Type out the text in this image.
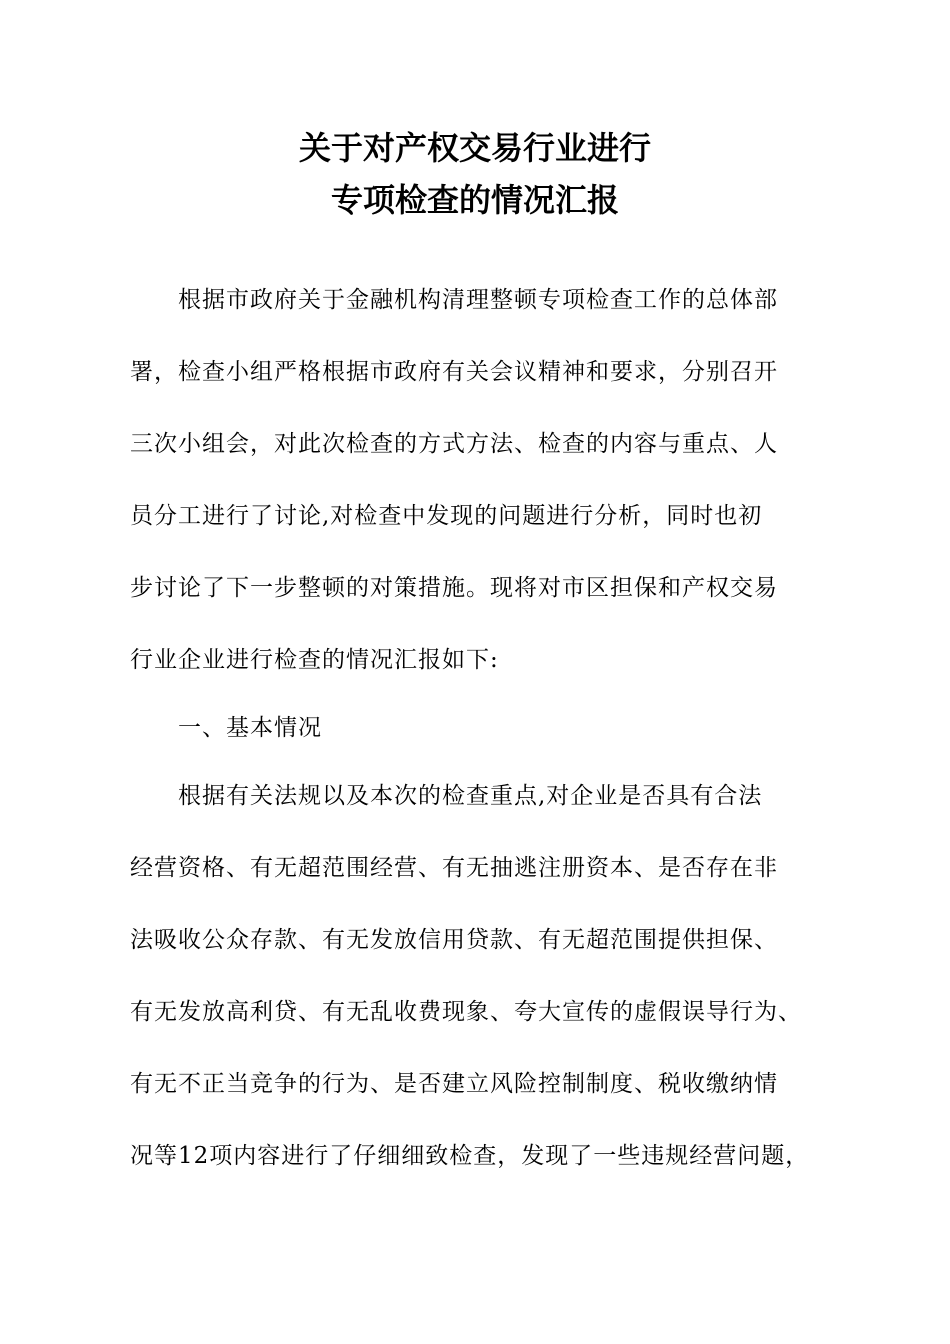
关于对产权交易行业进行
专项检查的情况汇报

根据市政府关于金融机构清理整顿专项检查工作的总体部

署，检查小组严格根据市政府有关会议精神和要求，分别召开

三次小组会，对此次检查的方式方法、检查的内容与重点、人

员分工进行了讨论,对检查中发现的问题进行分析，同时也初

步讨论了下一步整顿的对策措施。现将对市区担保和产权交易

行业企业进行检查的情况汇报如下:

一、基本情况

根据有关法规以及本次的检查重点,对企业是否具有合法

经营资格、有无超范围经营、有无抽逃注册资本、是否存在非

法吸收公众存款、有无发放信用贷款、有无超范围提供担保、

有无发放高利贷、有无乱收费现象、夸大宣传的虚假误导行为、

有无不正当竞争的行为、是否建立风险控制制度、税收缴纳情

况等12项内容进行了仔细细致检查，发现了一些违规经营问题，
